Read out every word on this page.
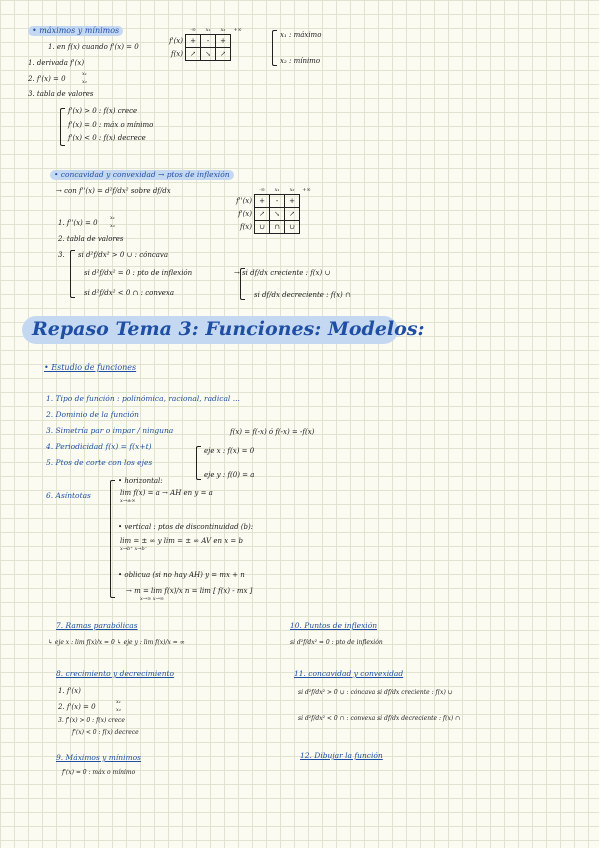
• máximos y mínimos
1. en f(x) cuando f'(x) = 0
1. derivada f'(x)
2. f'(x) = 0
x₁
x₂
3. tabla de valores
f'(x) > 0 : f(x) crece
f'(x) = 0 : máx o mínimo
f'(x) < 0 : f(x) decrece
	-∞	x₁	x₂	+∞
f'(x)	+	-	+	
f(x)	↗	↘	↗	
x₁ : máximo
x₂ : mínimo
• concavidad y convexidad → ptos de inflexión
→ con f''(x) = d²f/dx² sobre df/dx
1. f''(x) = 0
x₁
x₂
2. tabla de valores
3. si d²f/dx² > 0 ∪ : cóncava
si d²f/dx² = 0 : pto de inflexión
si d²f/dx² < 0 ∩ : convexa
→ si df/dx creciente : f(x) ∪
si df/dx decreciente : f(x) ∩
	-∞	x₁	x₂	+∞
f''(x)	+	-	+	
f'(x)	↗	↘	↗	
f(x)	∪	∩	∪	
Repaso Tema 3: Funciones: Modelos:
• Estudio de funciones
1. Tipo de función : polinómica, racional, radical ...
2. Dominio de la función
3. Simetría par o impar / ninguna	f(x) = f(-x) ó f(-x) = -f(x)
4. Periodicidad f(x) = f(x+t)
5. Ptos de corte con los ejes
eje x : f(x) = 0
eje y : f(0) = a
6. Asíntotas
• horizontal:
lim f(x) = a → AH en y = a
x→±∞
• vertical : ptos de discontinuidad (b):
lim = ± ∞ y lim = ± ∞ AV en x = b
x→b⁺ x→b⁻
• oblicua (si no hay AH) y = mx + n
→ m = lim f(x)/x n = lim [ f(x) - mx ]
x→∞ x→∞
7. Ramas parabólicas
↳ eje x : lim f(x)/x = 0 ↳ eje y : lim f(x)/x = ∞
8. crecimiento y decrecimiento
1. f'(x)
2. f'(x) = 0
x₁
x₂
3. f'(x) > 0 : f(x) crece
f'(x) < 0 : f(x) decrece
9. Máximos y mínimos
f'(x) = 0 : máx o mínimo
10. Puntos de inflexión
si d²f/dx² = 0 : pto de inflexión
11. concavidad y convexidad
si d²f/dx² > 0 ∪ : cóncava si df/dx creciente : f(x) ∪
si d²f/dx² < 0 ∩ : convexa si df/dx decreciente : f(x) ∩
12. Dibujar la función
